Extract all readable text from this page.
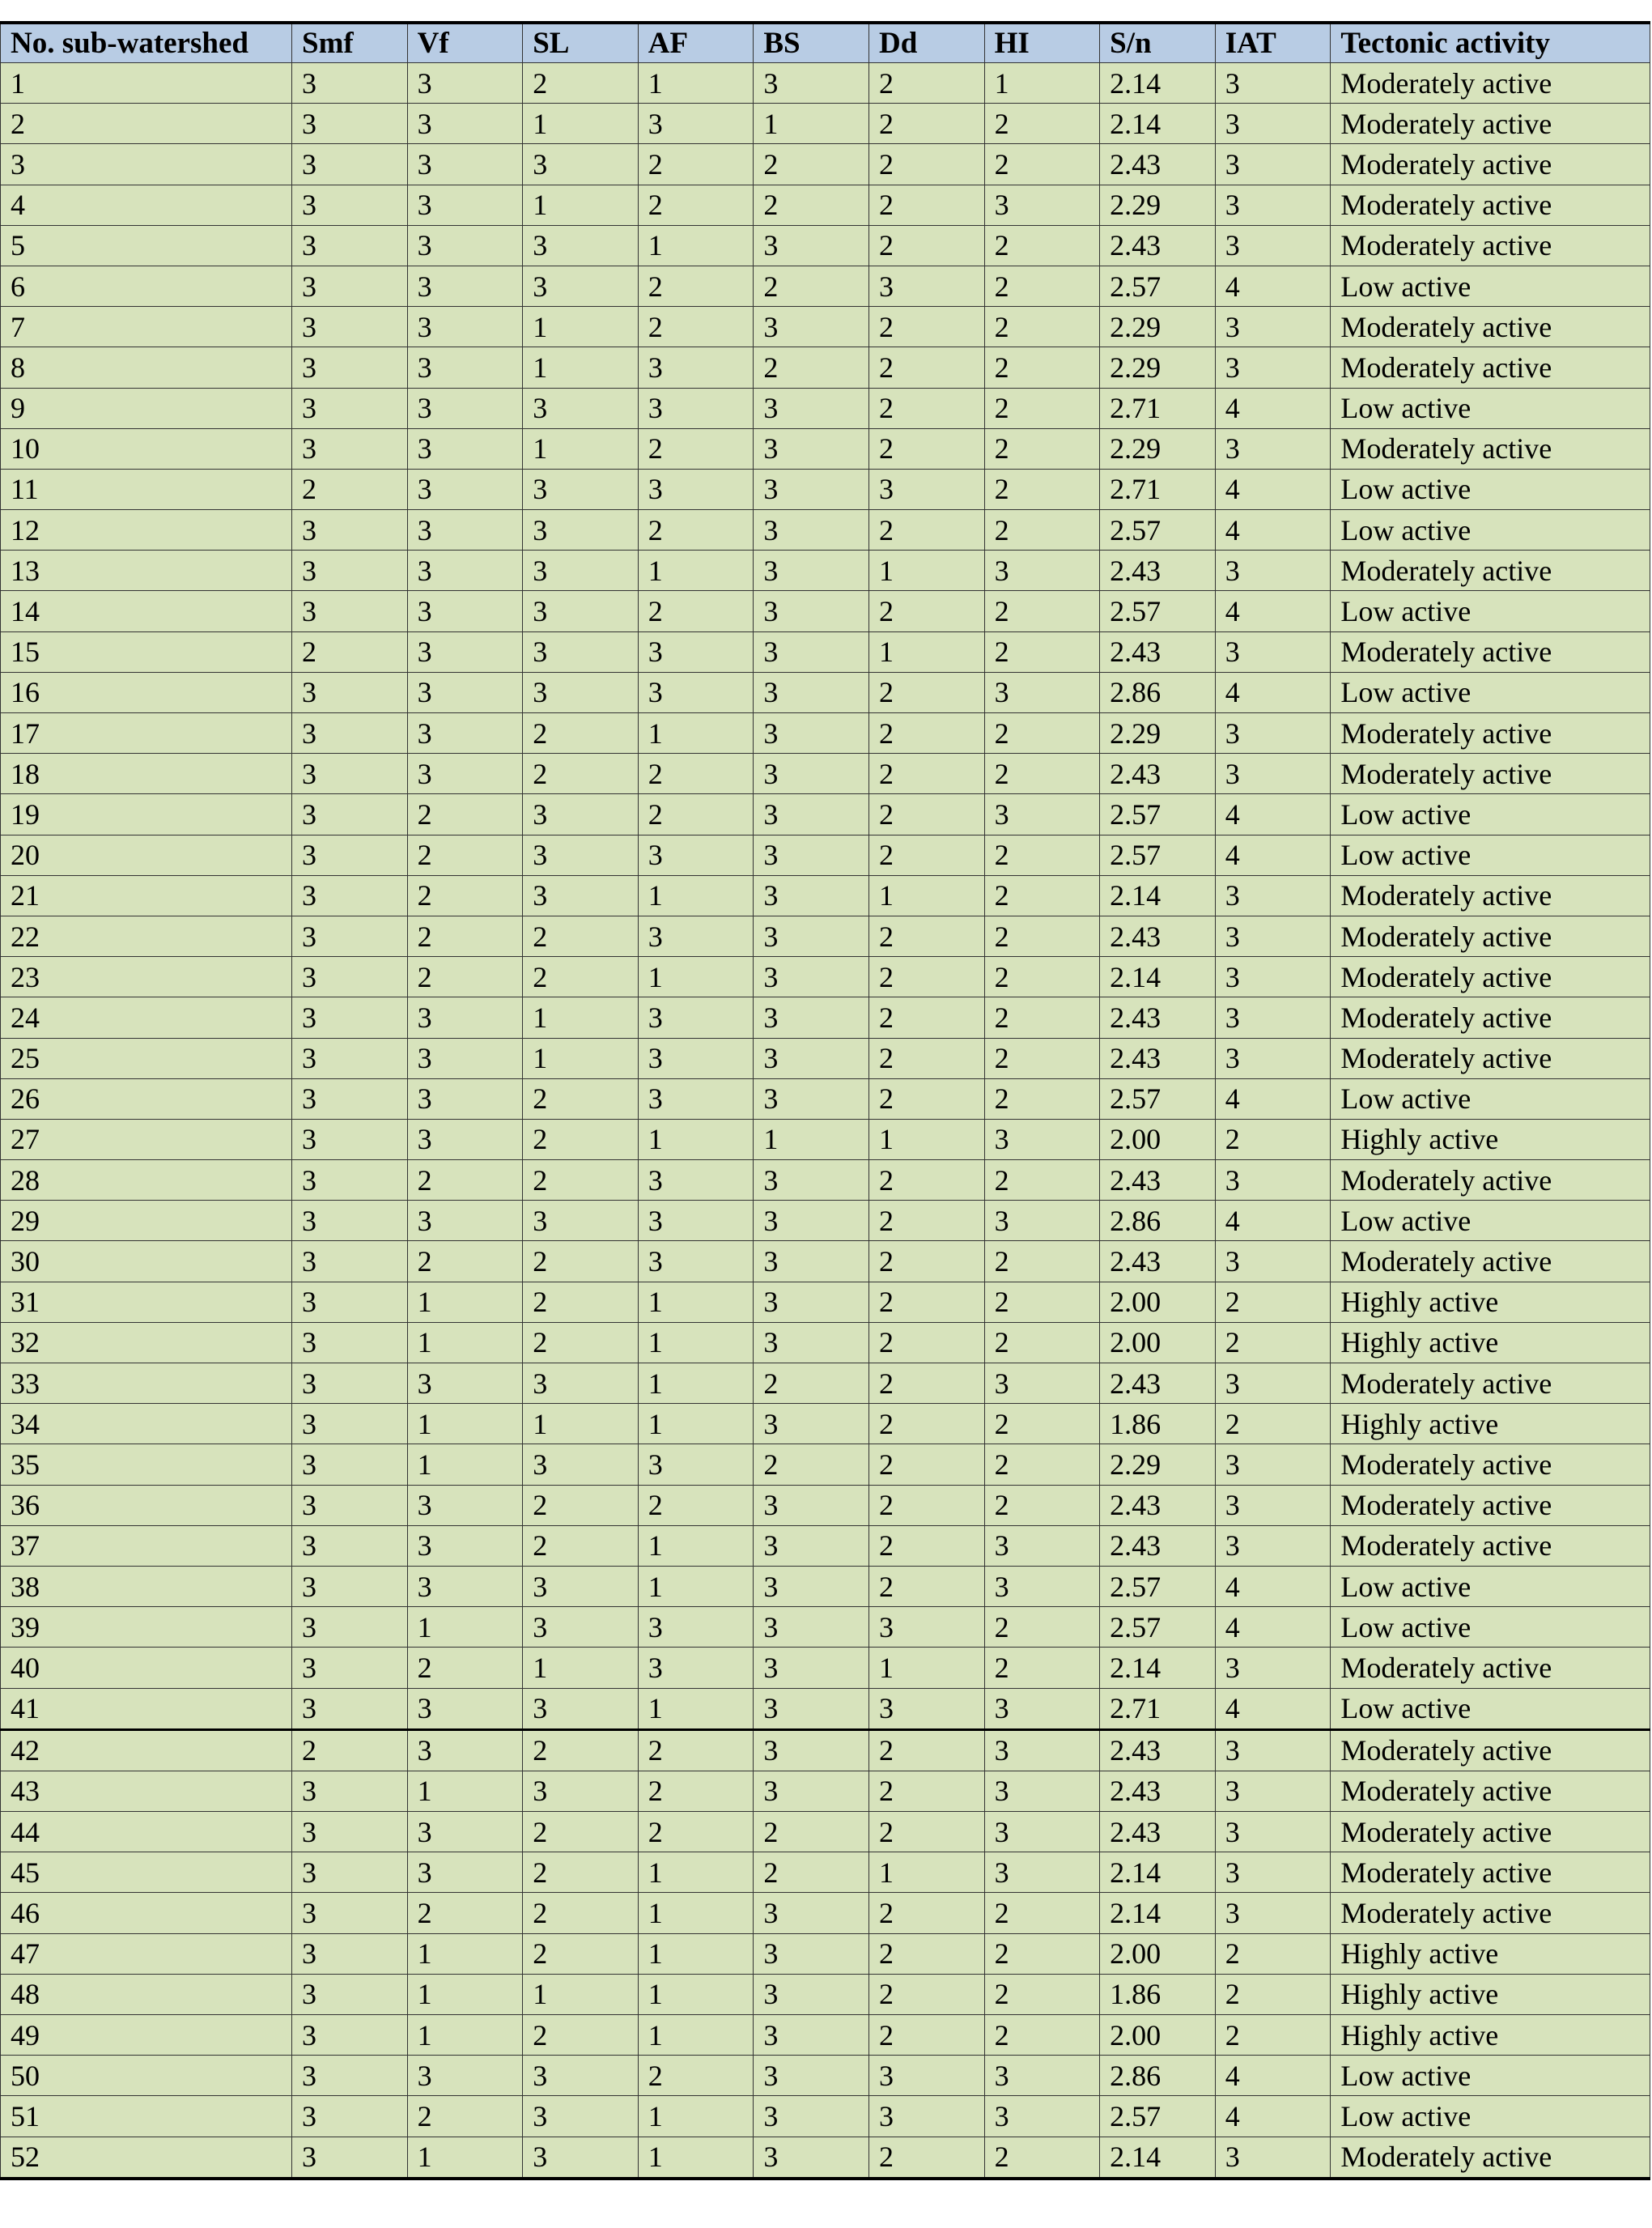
No. sub-watershed	Smf	Vf	SL	AF	BS	Dd	HI	S/n	IAT	Tectonic activity
1	3	3	2	1	3	2	1	2.14	3	Moderately active
2	3	3	1	3	1	2	2	2.14	3	Moderately active
3	3	3	3	2	2	2	2	2.43	3	Moderately active
4	3	3	1	2	2	2	3	2.29	3	Moderately active
5	3	3	3	1	3	2	2	2.43	3	Moderately active
6	3	3	3	2	2	3	2	2.57	4	Low active
7	3	3	1	2	3	2	2	2.29	3	Moderately active
8	3	3	1	3	2	2	2	2.29	3	Moderately active
9	3	3	3	3	3	2	2	2.71	4	Low active
10	3	3	1	2	3	2	2	2.29	3	Moderately active
11	2	3	3	3	3	3	2	2.71	4	Low active
12	3	3	3	2	3	2	2	2.57	4	Low active
13	3	3	3	1	3	1	3	2.43	3	Moderately active
14	3	3	3	2	3	2	2	2.57	4	Low active
15	2	3	3	3	3	1	2	2.43	3	Moderately active
16	3	3	3	3	3	2	3	2.86	4	Low active
17	3	3	2	1	3	2	2	2.29	3	Moderately active
18	3	3	2	2	3	2	2	2.43	3	Moderately active
19	3	2	3	2	3	2	3	2.57	4	Low active
20	3	2	3	3	3	2	2	2.57	4	Low active
21	3	2	3	1	3	1	2	2.14	3	Moderately active
22	3	2	2	3	3	2	2	2.43	3	Moderately active
23	3	2	2	1	3	2	2	2.14	3	Moderately active
24	3	3	1	3	3	2	2	2.43	3	Moderately active
25	3	3	1	3	3	2	2	2.43	3	Moderately active
26	3	3	2	3	3	2	2	2.57	4	Low active
27	3	3	2	1	1	1	3	2.00	2	Highly active
28	3	2	2	3	3	2	2	2.43	3	Moderately active
29	3	3	3	3	3	2	3	2.86	4	Low active
30	3	2	2	3	3	2	2	2.43	3	Moderately active
31	3	1	2	1	3	2	2	2.00	2	Highly active
32	3	1	2	1	3	2	2	2.00	2	Highly active
33	3	3	3	1	2	2	3	2.43	3	Moderately active
34	3	1	1	1	3	2	2	1.86	2	Highly active
35	3	1	3	3	2	2	2	2.29	3	Moderately active
36	3	3	2	2	3	2	2	2.43	3	Moderately active
37	3	3	2	1	3	2	3	2.43	3	Moderately active
38	3	3	3	1	3	2	3	2.57	4	Low active
39	3	1	3	3	3	3	2	2.57	4	Low active
40	3	2	1	3	3	1	2	2.14	3	Moderately active
41	3	3	3	1	3	3	3	2.71	4	Low active
42	2	3	2	2	3	2	3	2.43	3	Moderately active
43	3	1	3	2	3	2	3	2.43	3	Moderately active
44	3	3	2	2	2	2	3	2.43	3	Moderately active
45	3	3	2	1	2	1	3	2.14	3	Moderately active
46	3	2	2	1	3	2	2	2.14	3	Moderately active
47	3	1	2	1	3	2	2	2.00	2	Highly active
48	3	1	1	1	3	2	2	1.86	2	Highly active
49	3	1	2	1	3	2	2	2.00	2	Highly active
50	3	3	3	2	3	3	3	2.86	4	Low active
51	3	2	3	1	3	3	3	2.57	4	Low active
52	3	1	3	1	3	2	2	2.14	3	Moderately active
